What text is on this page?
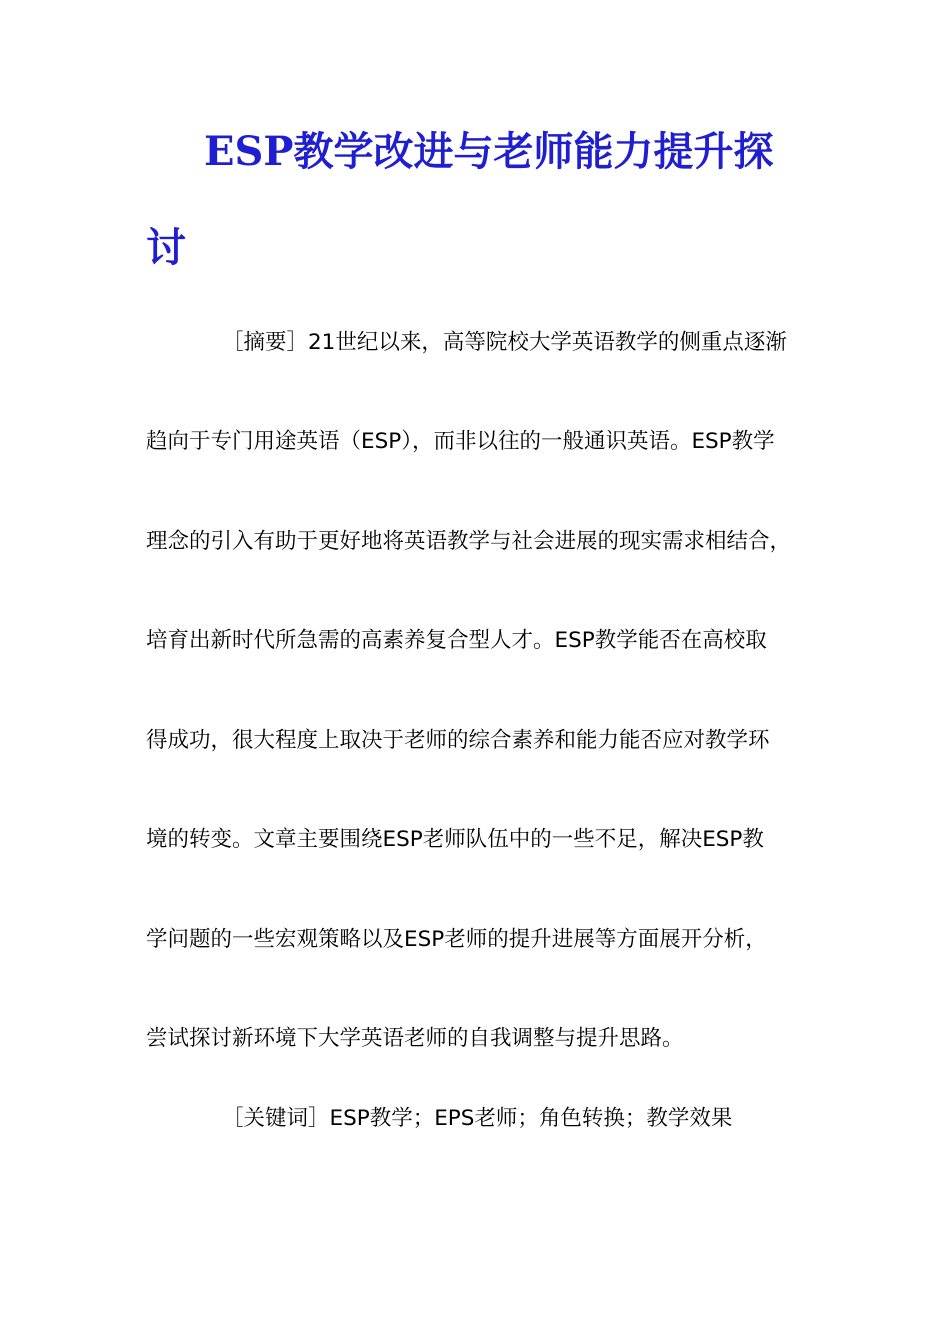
ESP教学改进与老师能力提升探
讨

［摘要］21世纪以来，高等院校大学英语教学的侧重点逐渐

趋向于专门用途英语（ESP），而非以往的一般通识英语。ESP教学

理念的引入有助于更好地将英语教学与社会进展的现实需求相结合，

培育出新时代所急需的高素养复合型人才。ESP教学能否在高校取

得成功，很大程度上取决于老师的综合素养和能力能否应对教学环

境的转变。文章主要围绕ESP老师队伍中的一些不足，解决ESP教

学问题的一些宏观策略以及ESP老师的提升进展等方面展开分析，

尝试探讨新环境下大学英语老师的自我调整与提升思路。

［关键词］ESP教学；EPS老师；角色转换；教学效果
